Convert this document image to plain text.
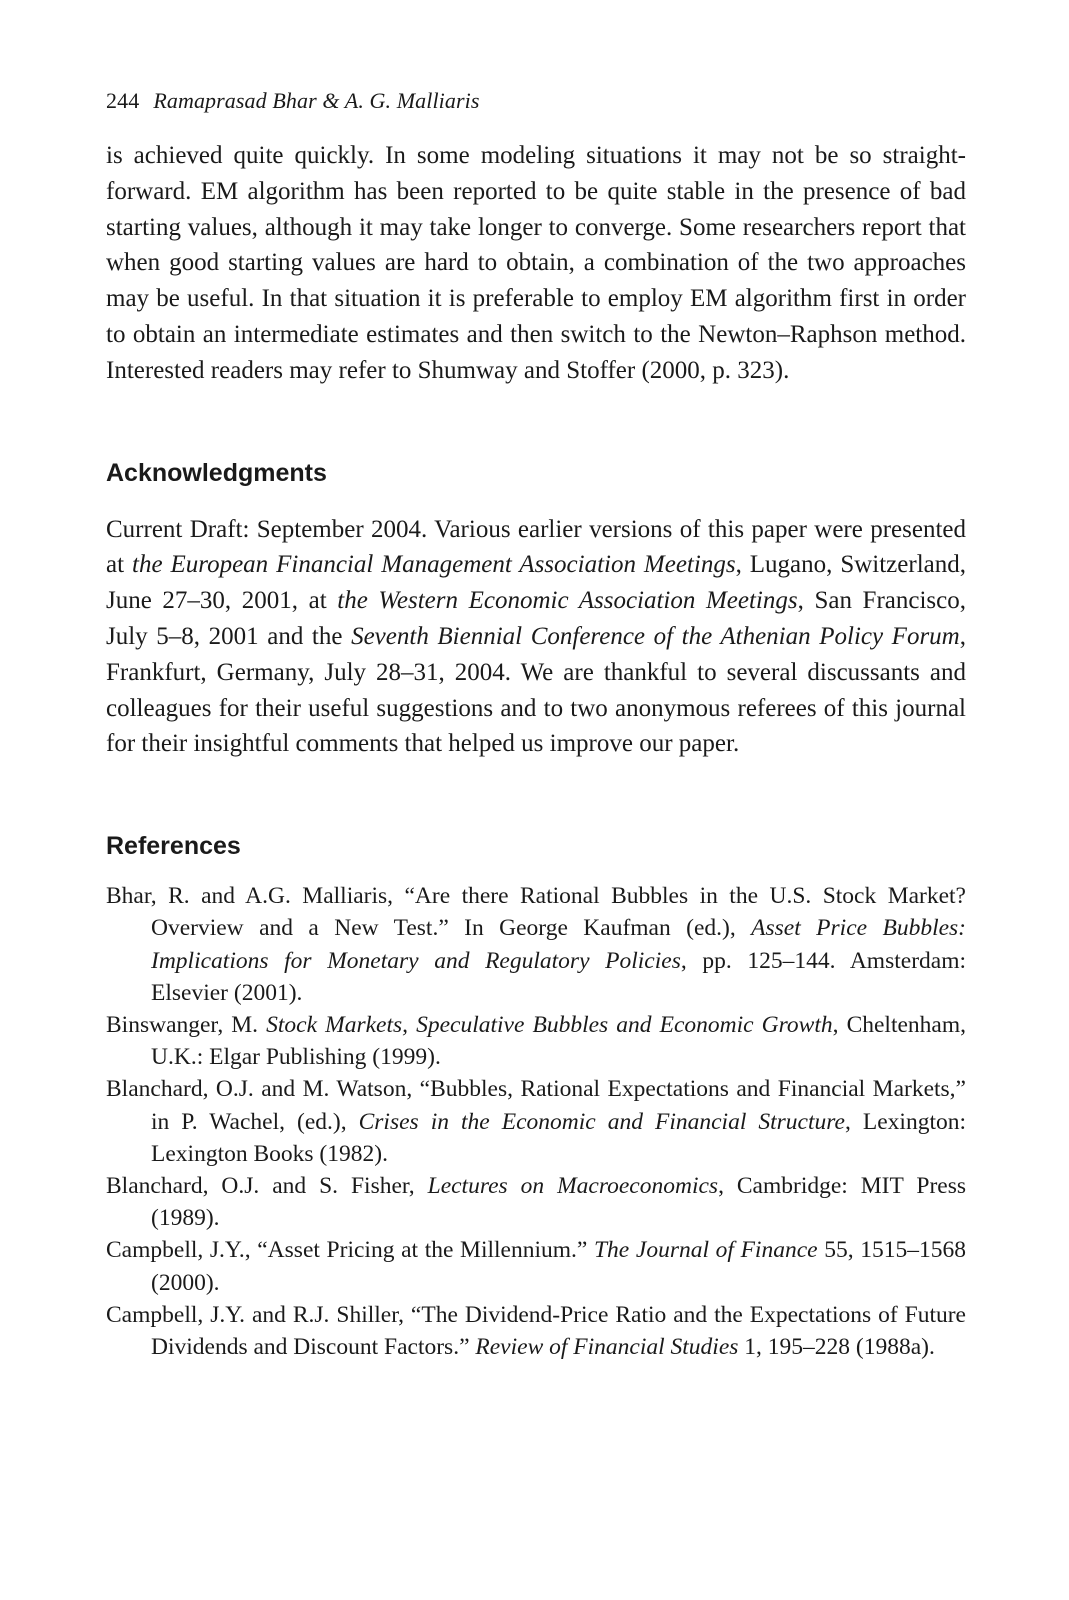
244 Ramaprasad Bhar & A. G. Malliaris

is achieved quite quickly. In some modeling situations it may not be so straight-forward. EM algorithm has been reported to be quite stable in the presence of bad starting values, although it may take longer to converge. Some researchers report that when good starting values are hard to obtain, a combination of the two approaches may be useful. In that situation it is preferable to employ EM algorithm first in order to obtain an intermediate estimates and then switch to the Newton–Raphson method. Interested readers may refer to Shumway and Stoffer (2000, p. 323).

Acknowledgments

Current Draft: September 2004. Various earlier versions of this paper were presented at the European Financial Management Association Meetings, Lugano, Switzerland, June 27–30, 2001, at the Western Economic Association Meetings, San Francisco, July 5–8, 2001 and the Seventh Biennial Conference of the Athenian Policy Forum, Frankfurt, Germany, July 28–31, 2004. We are thankful to several discussants and colleagues for their useful suggestions and to two anonymous referees of this journal for their insightful comments that helped us improve our paper.

References

Bhar, R. and A.G. Malliaris, “Are there Rational Bubbles in the U.S. Stock Market? Overview and a New Test.” In George Kaufman (ed.), Asset Price Bubbles: Implications for Monetary and Regulatory Policies, pp. 125–144. Amsterdam: Elsevier (2001).

Binswanger, M. Stock Markets, Speculative Bubbles and Economic Growth, Cheltenham, U.K.: Elgar Publishing (1999).

Blanchard, O.J. and M. Watson, “Bubbles, Rational Expectations and Financial Markets,” in P. Wachel, (ed.), Crises in the Economic and Financial Structure, Lexington: Lexington Books (1982).

Blanchard, O.J. and S. Fisher, Lectures on Macroeconomics, Cambridge: MIT Press (1989).

Campbell, J.Y., “Asset Pricing at the Millennium.” The Journal of Finance 55, 1515–1568 (2000).

Campbell, J.Y. and R.J. Shiller, “The Dividend-Price Ratio and the Expectations of Future Dividends and Discount Factors.” Review of Financial Studies 1, 195–228 (1988a).
